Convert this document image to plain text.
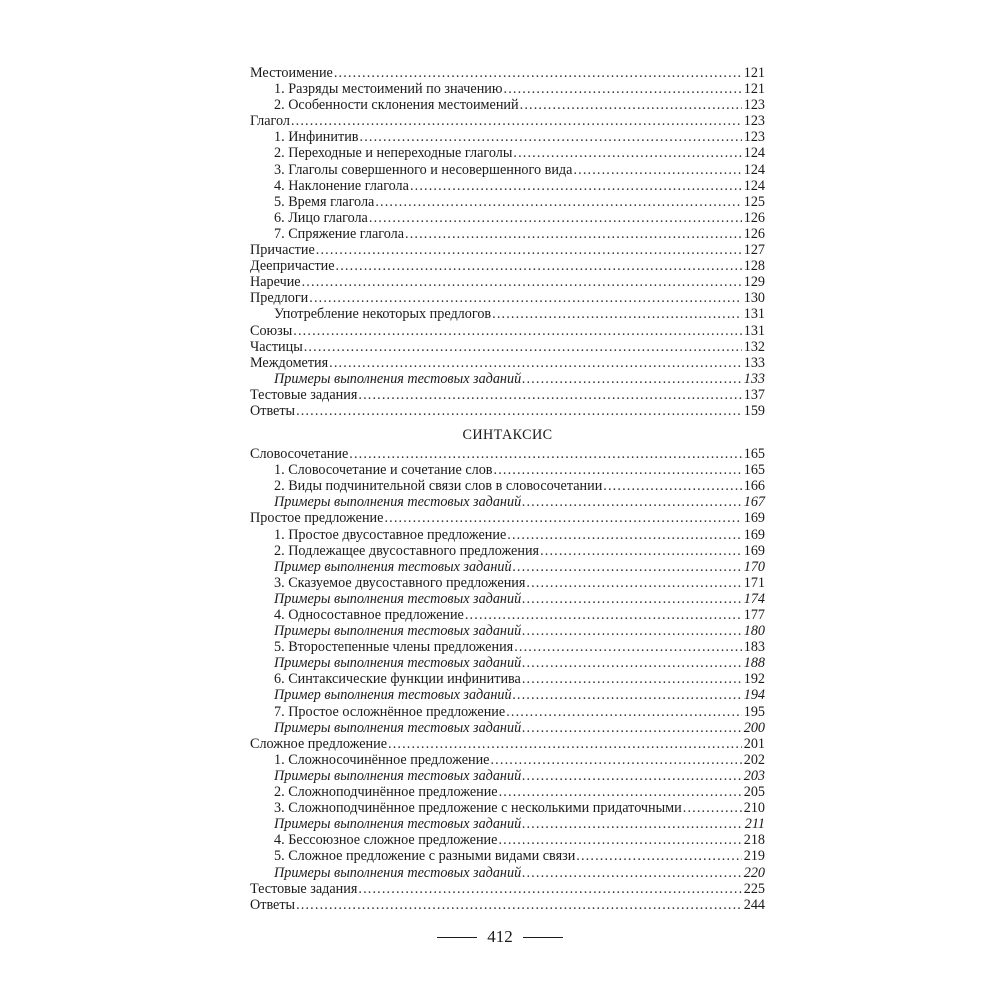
Местоимение . . .	121
1. Разряды местоимений по значению . . .	121
2. Особенности склонения местоимений . . .	123
Глагол . . .	123
1. Инфинитив . . .	123
2. Переходные и непереходные глаголы . . .	124
3. Глаголы совершенного и несовершенного вида . . .	124
4. Наклонение глагола . . .	124
5. Время глагола . . .	125
6. Лицо глагола . . .	126
7. Спряжение глагола . . .	126
Причастие . . .	127
Деепричастие . . .	128
Наречие . . .	129
Предлоги . . .	130
Употребление некоторых предлогов . . .	131
Союзы . . .	131
Частицы . . .	132
Междометия . . .	133
Примеры выполнения тестовых заданий . . .	133
Тестовые задания . . .	137
Ответы . . .	159
СИНТАКСИС
Словосочетание . . .	165
1. Словосочетание и сочетание слов . . .	165
2. Виды подчинительной связи слов в словосочетании . . .	166
Примеры выполнения тестовых заданий . . .	167
Простое предложение . . .	169
1. Простое двусоставное предложение . . .	169
2. Подлежащее двусоставного предложения . . .	169
Пример выполнения тестовых заданий . . .	170
3. Сказуемое двусоставного предложения . . .	171
Примеры выполнения тестовых заданий . . .	174
4. Односоставное предложение . . .	177
Примеры выполнения тестовых заданий . . .	180
5. Второстепенные члены предложения . . .	183
Примеры выполнения тестовых заданий . . .	188
6. Синтаксические функции инфинитива . . .	192
Пример выполнения тестовых заданий . . .	194
7. Простое осложнённое предложение . . .	195
Примеры выполнения тестовых заданий . . .	200
Сложное предложение . . .	201
1. Сложносочинённое предложение . . .	202
Примеры выполнения тестовых заданий . . .	203
2. Сложноподчинённое предложение . . .	205
3. Сложноподчинённое предложение с несколькими придаточными . . .	210
Примеры выполнения тестовых заданий . . .	211
4. Бессоюзное сложное предложение . . .	218
5. Сложное предложение с разными видами связи . . .	219
Примеры выполнения тестовых заданий . . .	220
Тестовые задания . . .	225
Ответы . . .	244
412
